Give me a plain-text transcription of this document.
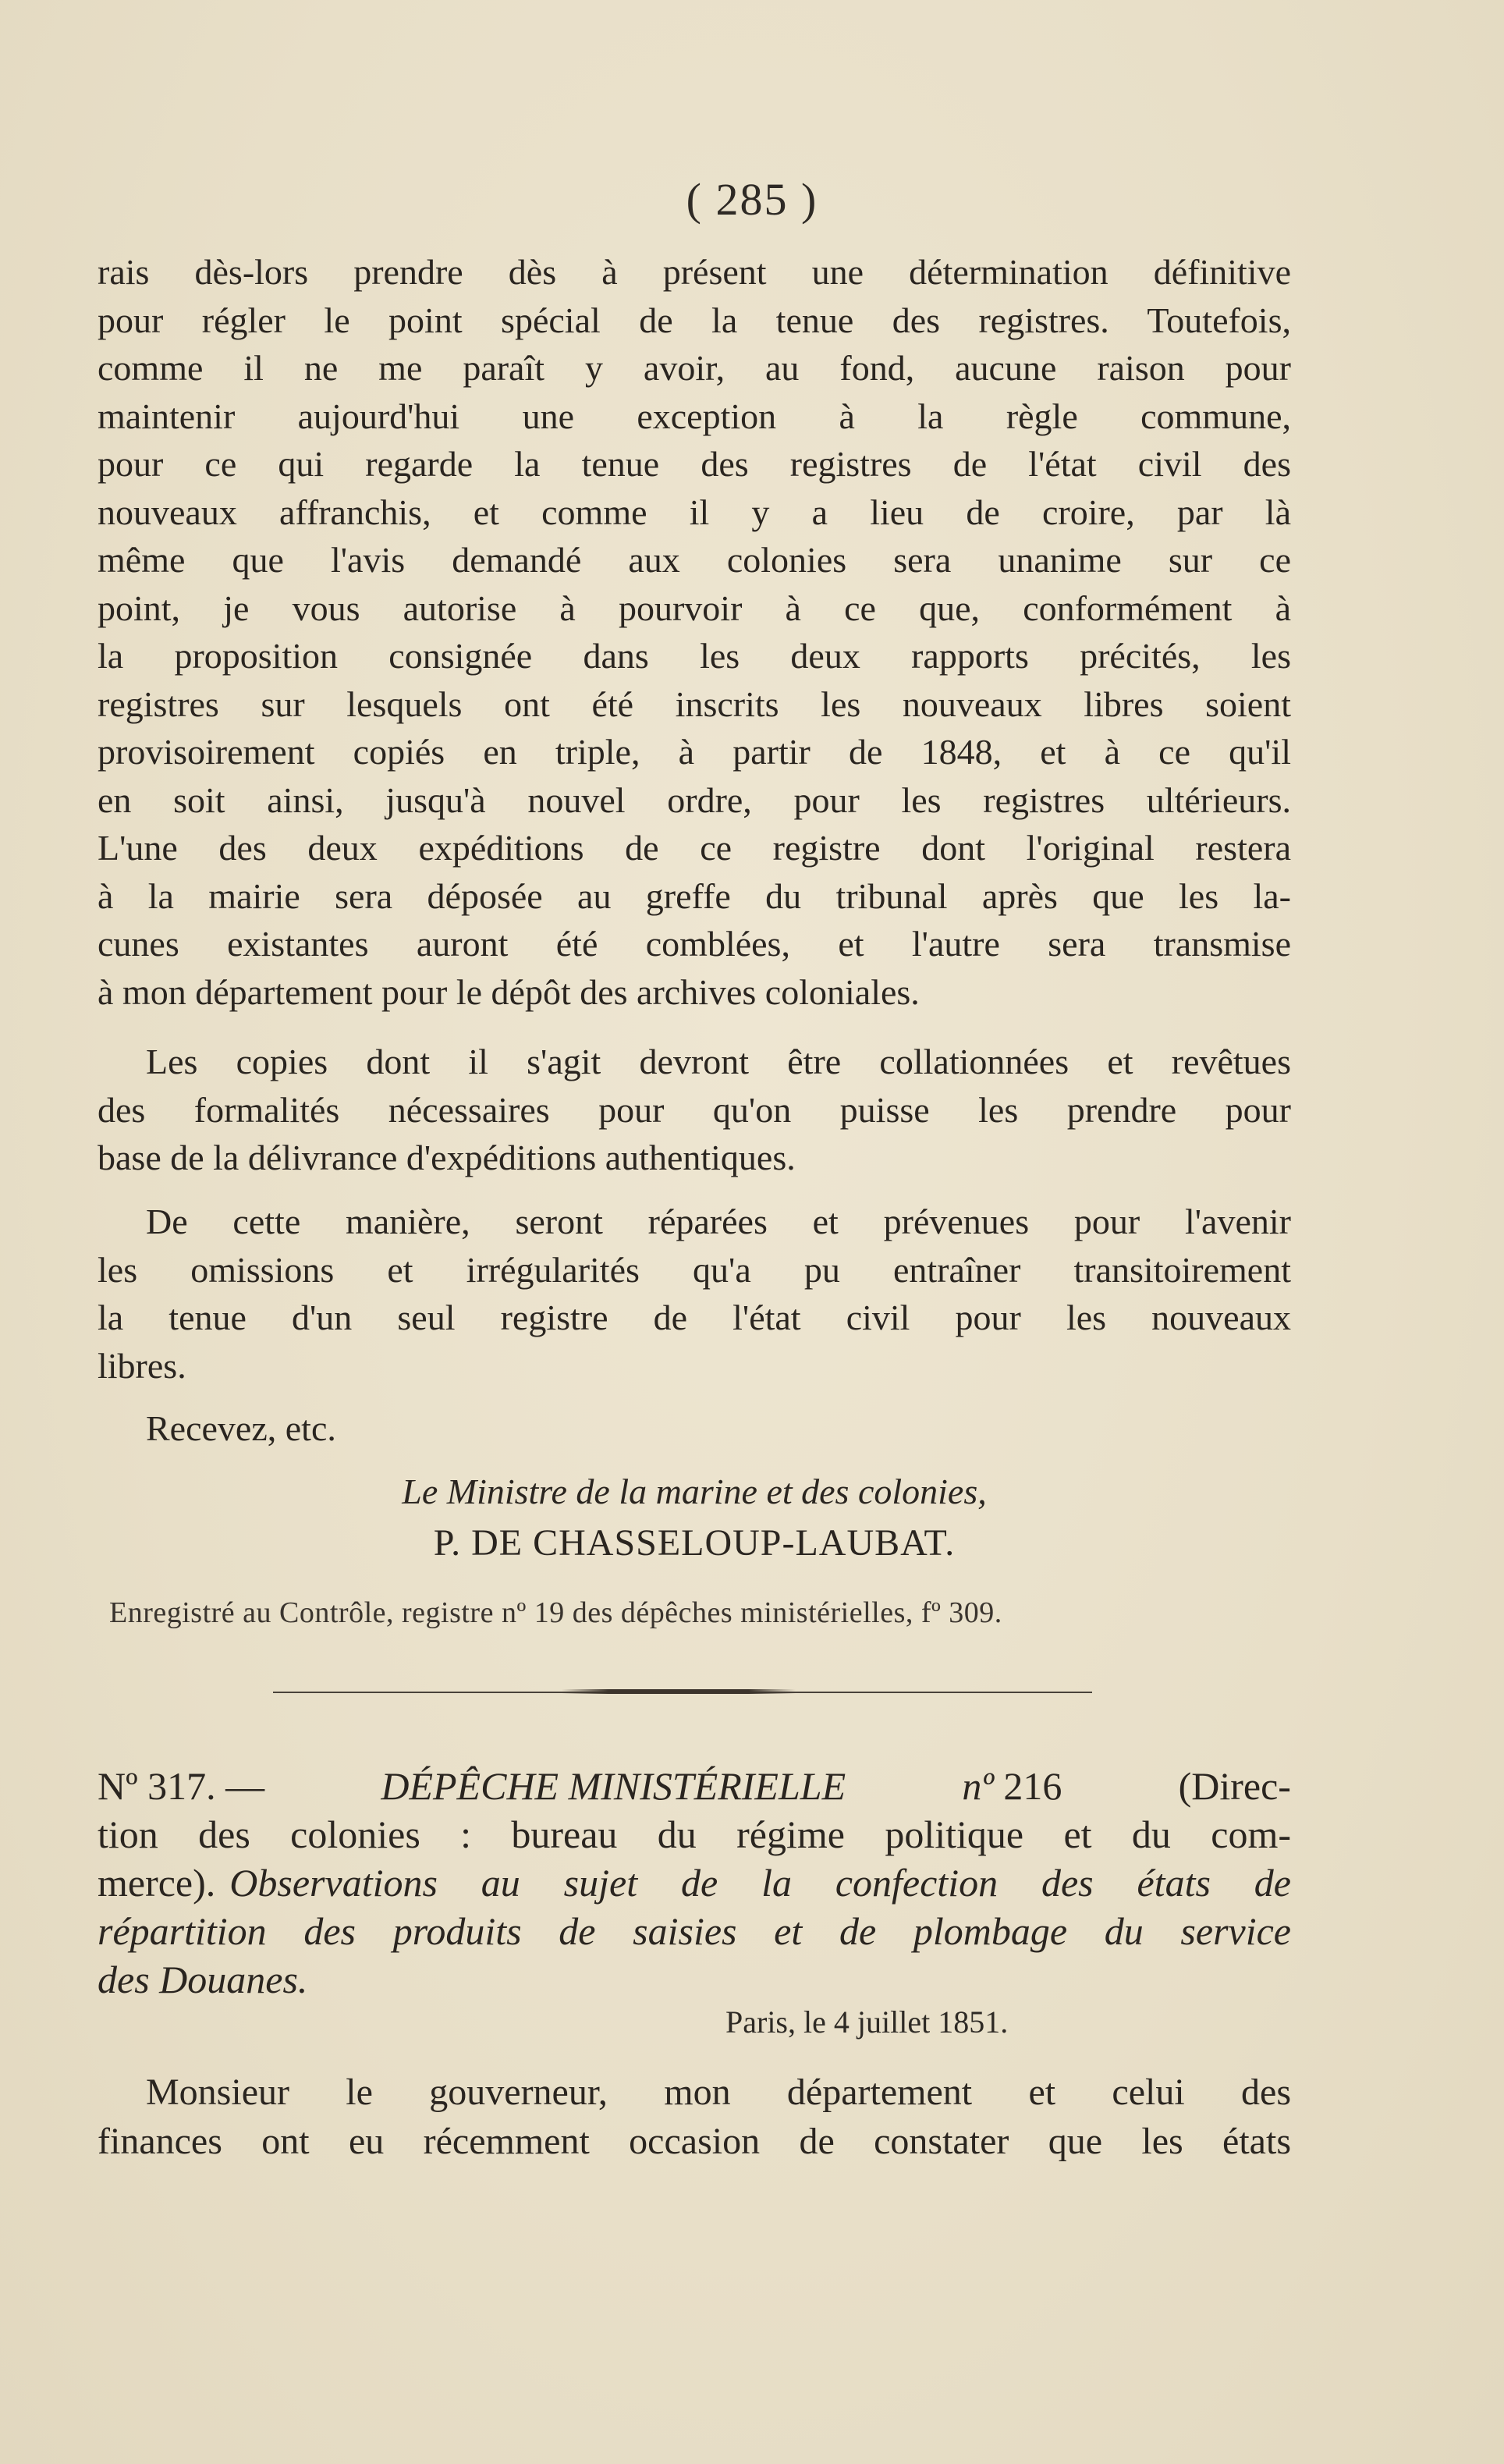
( 285 )
rais dès-lors prendre dès à présent une détermination définitive
pour régler le point spécial de la tenue des registres. Toutefois,
comme il ne me paraît y avoir, au fond, aucune raison pour
maintenir aujourd'hui une exception à la règle commune,
pour ce qui regarde la tenue des registres de l'état civil des
nouveaux affranchis, et comme il y a lieu de croire, par là
même que l'avis demandé aux colonies sera unanime sur ce
point, je vous autorise à pourvoir à ce que, conformément à
la proposition consignée dans les deux rapports précités, les
registres sur lesquels ont été inscrits les nouveaux libres soient
provisoirement copiés en triple, à partir de 1848, et à ce qu'il
en soit ainsi, jusqu'à nouvel ordre, pour les registres ultérieurs.
L'une des deux expéditions de ce registre dont l'original restera
à la mairie sera déposée au greffe du tribunal après que les la-
cunes existantes auront été comblées, et l'autre sera transmise
à mon département pour le dépôt des archives coloniales.
Les copies dont il s'agit devront être collationnées et revêtues
des formalités nécessaires pour qu'on puisse les prendre pour
base de la délivrance d'expéditions authentiques.
De cette manière, seront réparées et prévenues pour l'avenir
les omissions et irrégularités qu'a pu entraîner transitoirement
la tenue d'un seul registre de l'état civil pour les nouveaux
libres.
Recevez, etc.
Le Ministre de la marine et des colonies,
P. DE CHASSELOUP-LAUBAT.
Enregistré au Contrôle, registre nº 19 des dépêches ministérielles, fº 309.
Nº 317. —	DÉPÊCHE MINISTÉRIELLE	nº 216	(Direc-
tion des colonies : bureau du régime politique et du com-
merce). Observations au sujet de la confection des états de
répartition des produits de saisies et de plombage du service
des Douanes.
Paris, le 4 juillet 1851.
Monsieur le gouverneur, mon département et celui des
finances ont eu récemment occasion de constater que les états
